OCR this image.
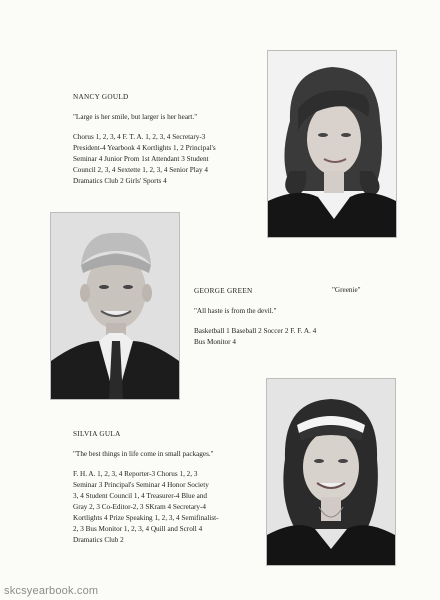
NANCY GOULD
"Large is her smile, but larger is her heart."
Chorus 1, 2, 3, 4 F. T. A. 1, 2, 3, 4 Secretary-3
President-4 Yearbook 4 Kortlights 1, 2 Principal's
Seminar 4 Junior Prom 1st Attendant 3 Student
Council 2, 3, 4 Sextette 1, 2, 3, 4 Senior Play 4
Dramatics Club 2 Girls' Sports 4
GEORGE GREEN
"All haste is from the devil."
Basketball 1 Baseball 2 Soccer 2 F. F. A. 4
Bus Monitor 4
"Greenie"
SILVIA GULA
"The best things in life come in small packages."
F. H. A. 1, 2, 3, 4 Reporter-3 Chorus 1, 2, 3
Seminar 3 Principal's Seminar 4 Honor Society
3, 4 Student Council 1, 4 Treasurer-4 Blue and
Gray 2, 3 Co-Editor-2, 3 SKram 4 Secretary-4
Kortlights 4 Prize Speaking 1, 2, 3, 4 Semifinalist-
2, 3 Bus Monitor 1, 2, 3, 4 Quill and Scroll 4
Dramatics Club 2
skcsyearbook.com
